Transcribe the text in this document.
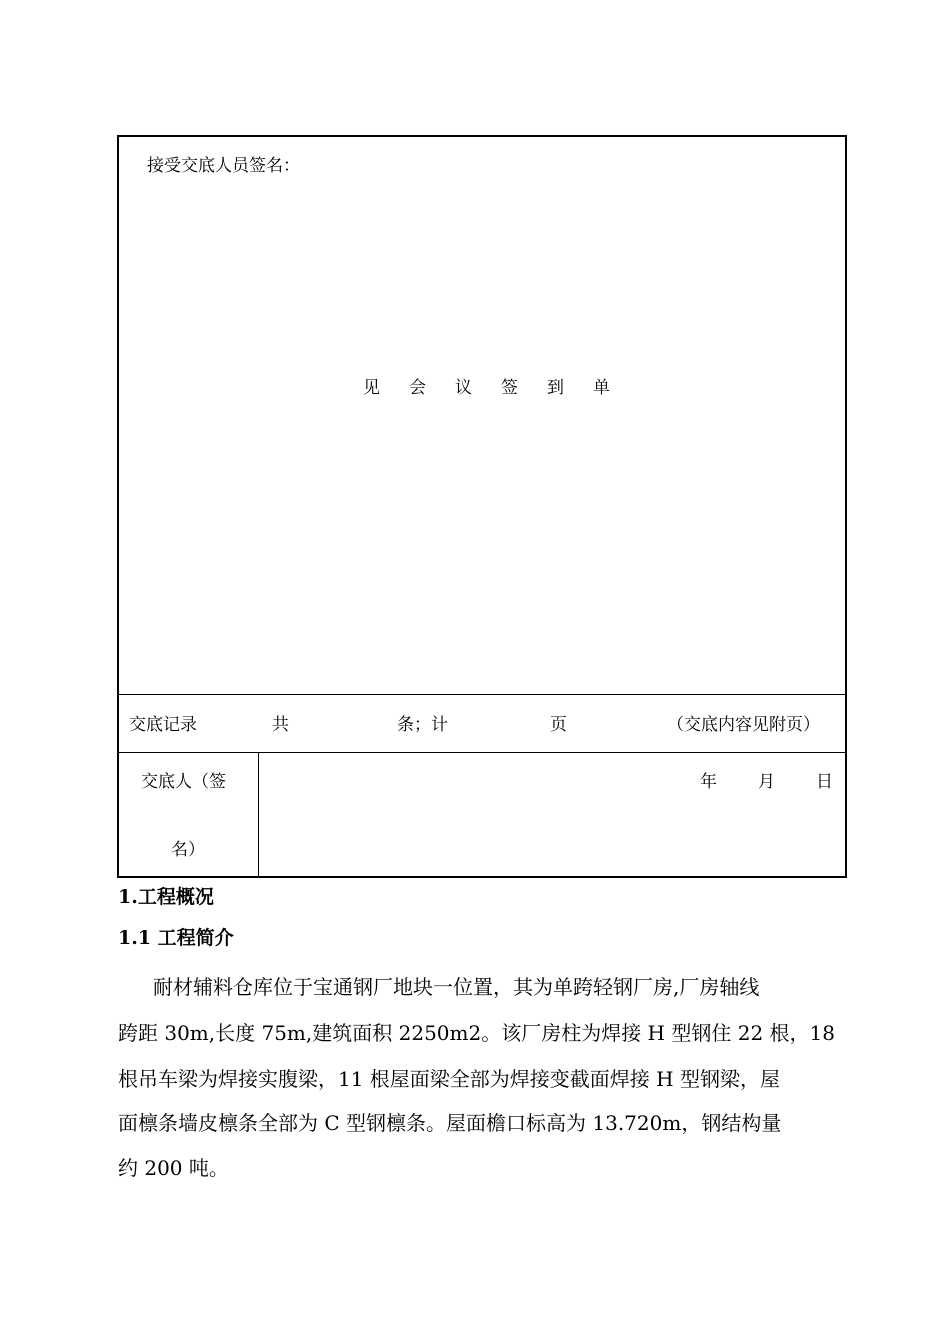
接受交底人员签名：
见会议签到单
交底记录	共	条；计	页	（交底内容见附页）
交底人（签
名）
年 月 日
1.工程概况
1.1 工程简介
耐材辅料仓库位于宝通钢厂地块一位置，其为单跨轻钢厂房,厂房轴线
跨距 30m,长度 75m,建筑面积 2250m2。该厂房柱为焊接 H 型钢住 22 根，18
根吊车梁为焊接实腹梁，11 根屋面梁全部为焊接变截面焊接 H 型钢梁，屋
面檩条墙皮檩条全部为 C 型钢檩条。屋面檐口标高为 13.720m，钢结构量
约 200 吨。
